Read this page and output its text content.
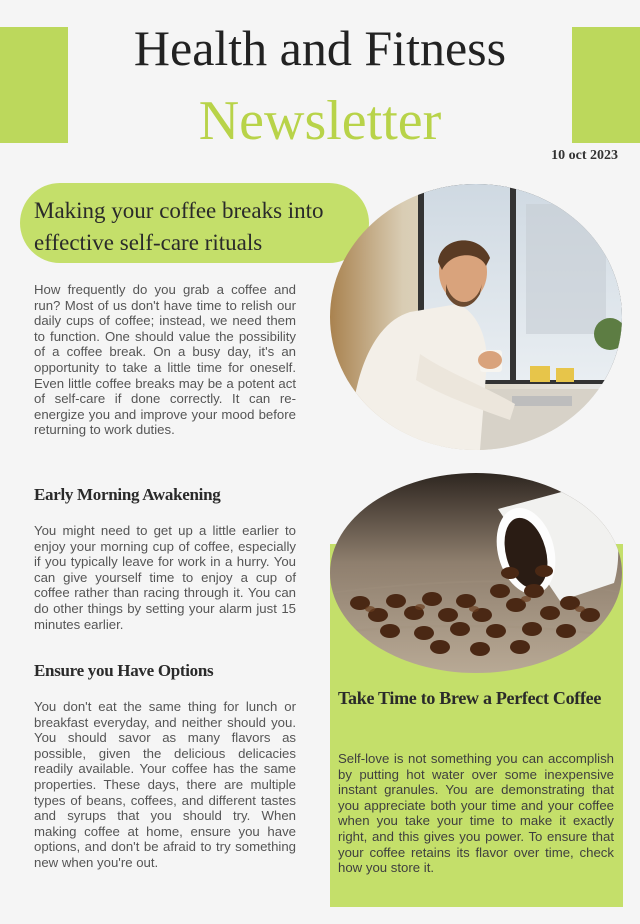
Health and Fitness
Newsletter
10 oct 2023
Making your coffee breaks into effective self-care rituals

How frequently do you grab a coffee and run? Most of us don't have time to relish our daily cups of coffee; instead, we need them to function. One should value the possibility of a coffee break. On a busy day, it's an opportunity to take a little time for oneself. Even little coffee breaks may be a potent act of self-care if done correctly. It can re-energize you and improve your mood before returning to work duties.

Early Morning Awakening

You might need to get up a little earlier to enjoy your morning cup of coffee, especially if you typically leave for work in a hurry. You can give yourself time to enjoy a cup of coffee rather than racing through it. You can do other things by setting your alarm just 15 minutes earlier.

Ensure you Have Options

You don't eat the same thing for lunch or breakfast everyday, and neither should you. You should savor as many flavors as possible, given the delicious delicacies readily available. Your coffee has the same properties. These days, there are multiple types of beans, coffees, and different tastes and syrups that you should try. When making coffee at home, ensure you have options, and don't be afraid to try something new when you're out.

Take Time to Brew a Perfect Coffee

Self-love is not something you can accomplish by putting hot water over some inexpensive instant granules. You are demonstrating that you appreciate both your time and your coffee when you take your time to make it exactly right, and this gives you power. To ensure that your coffee retains its flavor over time, check how you store it.
